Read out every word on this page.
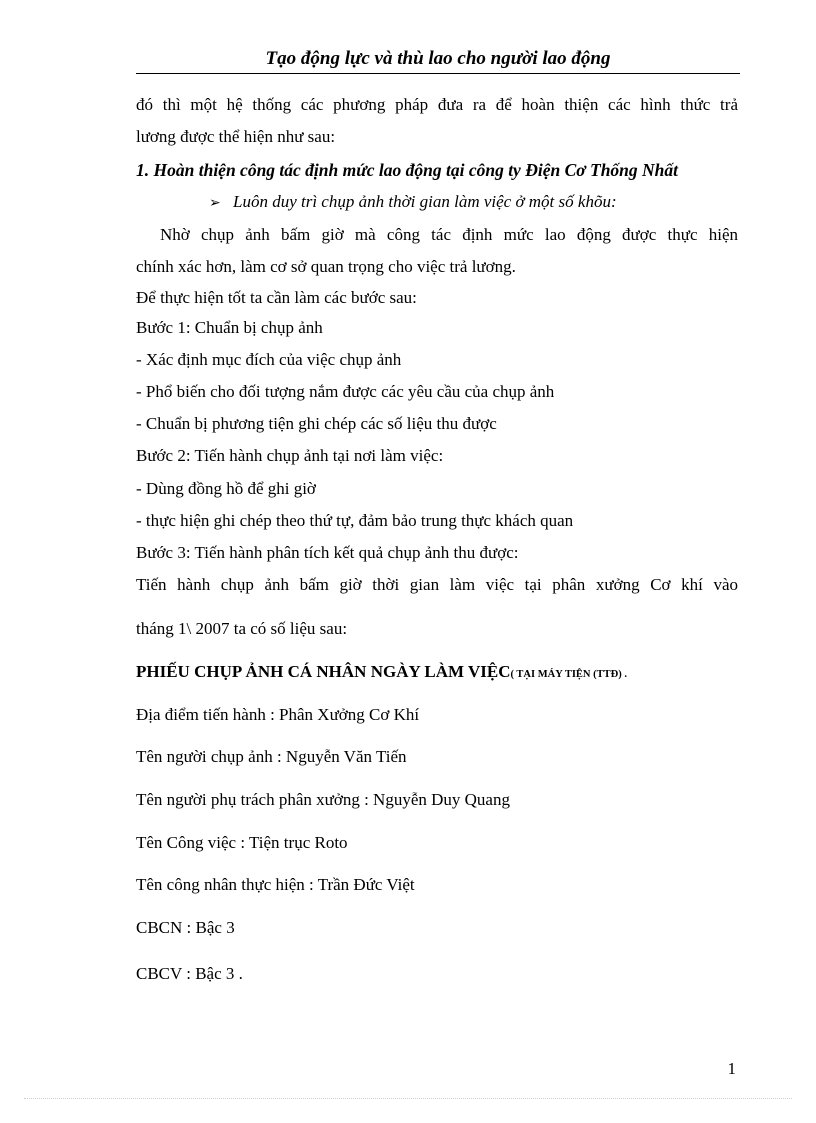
Tạo động lực và thù lao cho người lao động
đó thì một hệ thống các phương pháp đưa ra để hoàn thiện các hình thức trả
lương được thể hiện như sau:
1. Hoàn thiện công tác định mức lao động tại công ty Điện Cơ Thống Nhất
➢ Luôn duy trì chụp ảnh thời gian làm việc ở một số khõu:
Nhờ chụp ảnh bấm giờ mà công tác định mức lao động được thực hiện
chính xác hơn, làm cơ sở quan trọng cho việc trả lương.
Để thực hiện tốt ta cần làm các bước sau:
Bước 1: Chuẩn bị chụp ảnh
- Xác định mục đích của việc chụp ảnh
- Phổ biến cho đối tượng nắm được các yêu cầu của chụp ảnh
- Chuẩn bị phương tiện ghi chép các số liệu thu được
Bước 2: Tiến hành chụp ảnh tại nơi làm việc:
- Dùng đồng hồ để ghi giờ
- thực hiện ghi chép theo thứ tự, đảm bảo trung thực khách quan
Bước 3: Tiến hành phân tích kết quả chụp ảnh thu được:
Tiến hành chụp ảnh bấm giờ thời gian làm việc tại phân xưởng Cơ khí vào
tháng 1\ 2007 ta có số liệu sau:
PHIẾU CHỤP ẢNH CÁ NHÂN NGÀY LÀM VIỆC( TẠI MÁY TIỆN (TTĐ) .
Địa điểm tiến hành : Phân Xưởng Cơ Khí
Tên người chụp ảnh : Nguyễn Văn Tiến
Tên người phụ trách phân xưởng : Nguyễn Duy Quang
Tên Công việc : Tiện trục Roto
Tên công nhân thực hiện : Trần Đức Việt
CBCN : Bậc 3
CBCV : Bậc 3 .
1
